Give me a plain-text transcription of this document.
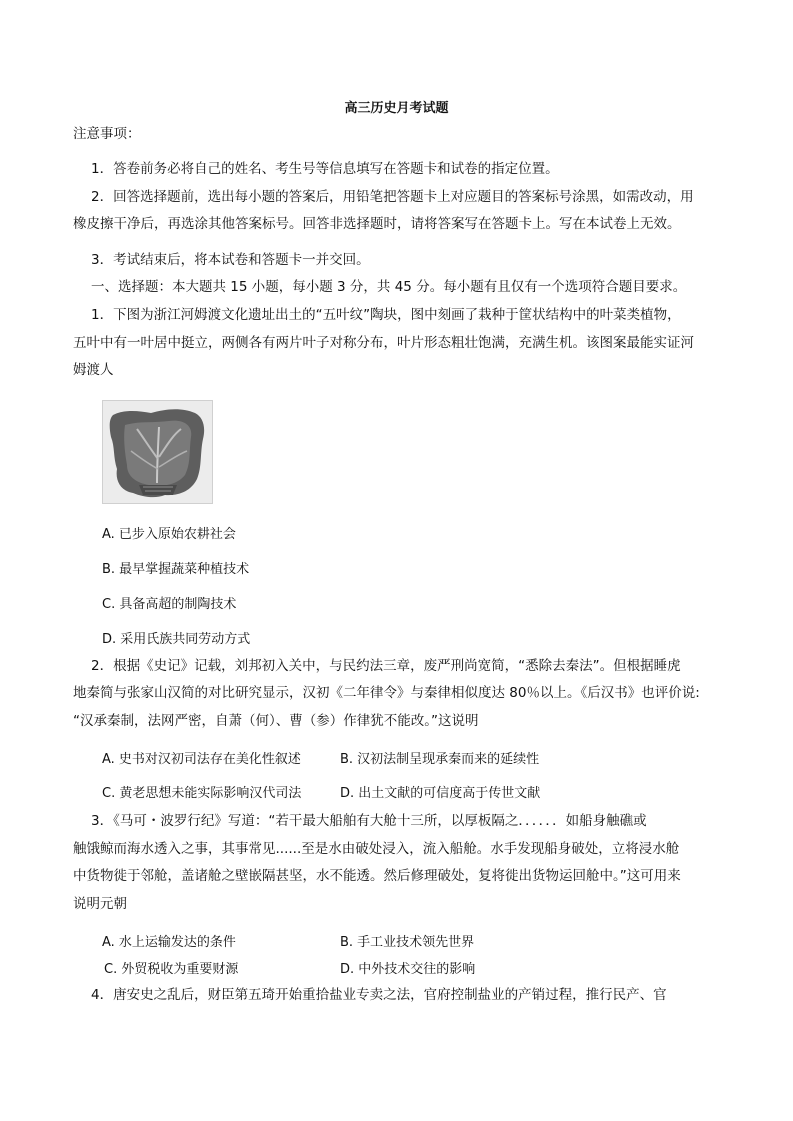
高三历史月考试题
注意事项：
1．答卷前务必将自己的姓名、考生号等信息填写在答题卡和试卷的指定位置。
2．回答选择题前，选出每小题的答案后，用铅笔把答题卡上对应题目的答案标号涂黑，如需改动，用
橡皮擦干净后，再选涂其他答案标号。回答非选择题时，请将答案写在答题卡上。写在本试卷上无效。
3．考试结束后，将本试卷和答题卡一并交回。
一、选择题：本大题共 15 小题，每小题 3 分，共 45 分。每小题有且仅有一个选项符合题目要求。
1．下图为浙江河姆渡文化遗址出土的“五叶纹”陶块，图中刻画了栽种于筐状结构中的叶菜类植物，
五叶中有一叶居中挺立，两侧各有两片叶子对称分布，叶片形态粗壮饱满，充满生机。该图案最能实证河
姆渡人
A. 已步入原始农耕社会
B. 最早掌握蔬菜种植技术
C. 具备高超的制陶技术
D. 采用氏族共同劳动方式
2．根据《史记》记载，刘邦初入关中，与民约法三章，废严刑尚宽简，“悉除去秦法”。但根据睡虎
地秦简与张家山汉简的对比研究显示，汉初《二年律令》与秦律相似度达 80％以上。《后汉书》也评价说:
“汉承秦制，法网严密，自萧（何）、曹（参）作律犹不能改。”这说明
A. 史书对汉初司法存在美化性叙述	B. 汉初法制呈现承秦而来的延续性
C. 黄老思想未能实际影响汉代司法	D. 出土文献的可信度高于传世文献
3．《马可・波罗行纪》写道：“若干最大船舶有大舱十三所，以厚板隔之．．．．．．如船身触礁或
触饿鲸而海水透入之事，其事常见......至是水由破处浸入，流入船舱。水手发现船身破处，立将浸水舱
中货物徙于邻舱，盖诸舱之壁嵌隔甚坚，水不能透。然后修理破处，复将徙出货物运回舱中。”这可用来
说明元朝
A. 水上运输发达的条件	B. 手工业技术领先世界
C. 外贸税收为重要财源	D. 中外技术交往的影响
4．唐安史之乱后，财臣第五琦开始重拾盐业专卖之法，官府控制盐业的产销过程，推行民产、官
